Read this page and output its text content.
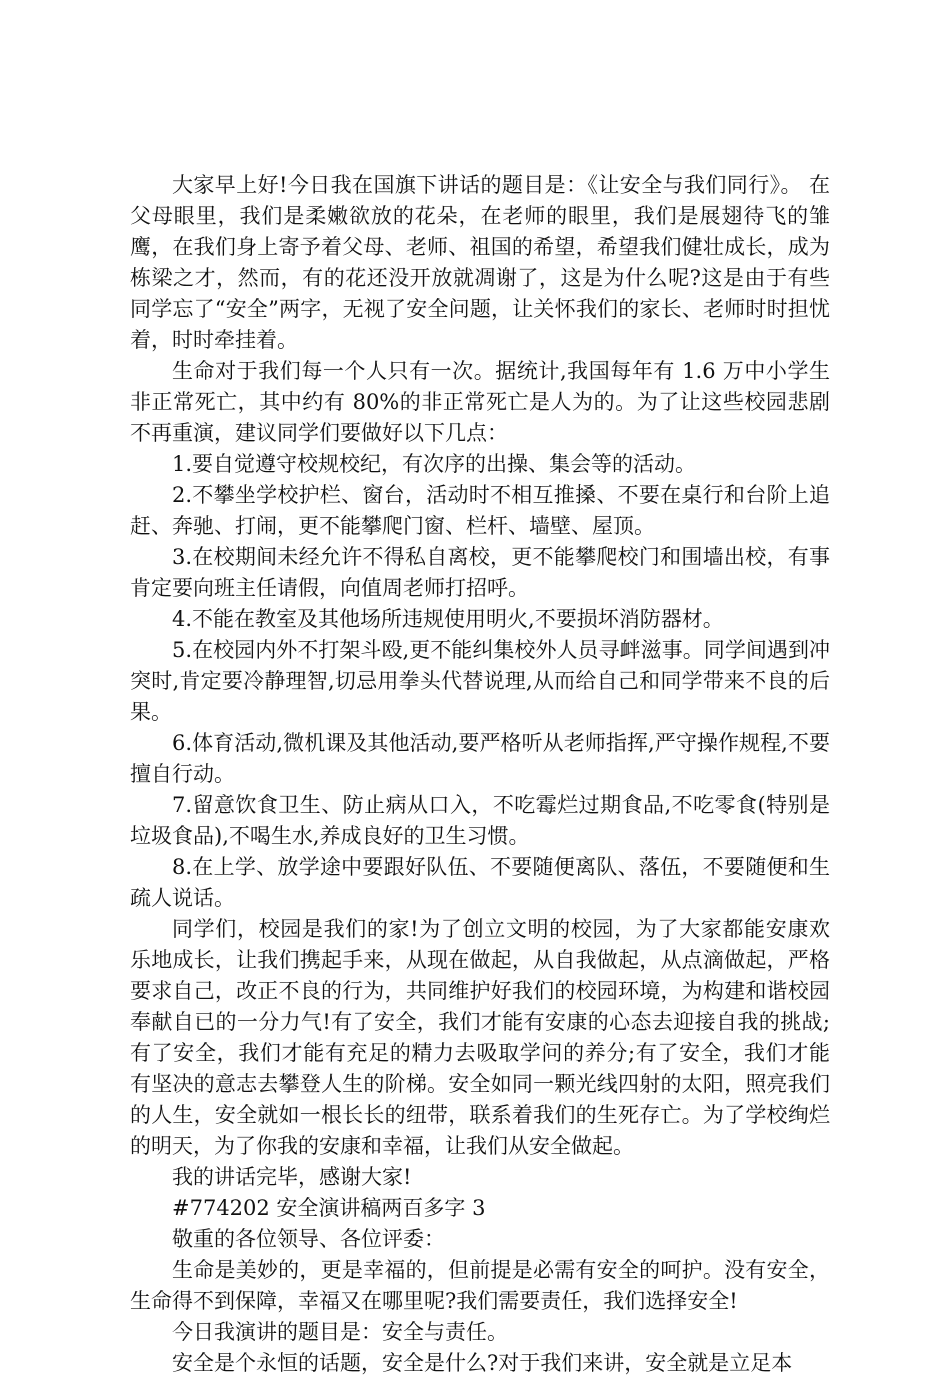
大家早上好!今日我在国旗下讲话的题目是：《让安全与我们同行》。 在父母眼里，我们是柔嫩欲放的花朵，在老师的眼里，我们是展翅待飞的雏鹰，在我们身上寄予着父母、老师、祖国的希望，希望我们健壮成长，成为栋梁之才，然而，有的花还没开放就凋谢了，这是为什么呢?这是由于有些同学忘了“安全”两字，无视了安全问题，让关怀我们的家长、老师时时担忧着，时时牵挂着。

生命对于我们每一个人只有一次。据统计,我国每年有 1.6 万中小学生非正常死亡，其中约有 80%的非正常死亡是人为的。为了让这些校园悲剧不再重演，建议同学们要做好以下几点：

1.要自觉遵守校规校纪，有次序的出操、集会等的活动。

2.不攀坐学校护栏、窗台，活动时不相互推搡、不要在桌行和台阶上追赶、奔驰、打闹，更不能攀爬门窗、栏杆、墙壁、屋顶。

3.在校期间未经允许不得私自离校，更不能攀爬校门和围墙出校，有事肯定要向班主任请假，向值周老师打招呼。

4.不能在教室及其他场所违规使用明火,不要损坏消防器材。

5.在校园内外不打架斗殴,更不能纠集校外人员寻衅滋事。同学间遇到冲突时,肯定要冷静理智,切忌用拳头代替说理,从而给自己和同学带来不良的后果。

6.体育活动,微机课及其他活动,要严格听从老师指挥,严守操作规程,不要擅自行动。

7.留意饮食卫生、防止病从口入，不吃霉烂过期食品,不吃零食(特别是垃圾食品),不喝生水,养成良好的卫生习惯。

8.在上学、放学途中要跟好队伍、不要随便离队、落伍，不要随便和生疏人说话。

同学们，校园是我们的家!为了创立文明的校园，为了大家都能安康欢乐地成长，让我们携起手来，从现在做起，从自我做起，从点滴做起，严格要求自己，改正不良的行为，共同维护好我们的校园环境，为构建和谐校园奉献自已的一分力气!有了安全，我们才能有安康的心态去迎接自我的挑战;有了安全，我们才能有充足的精力去吸取学问的养分;有了安全，我们才能有坚决的意志去攀登人生的阶梯。安全如同一颗光线四射的太阳，照亮我们的人生，安全就如一根长长的纽带，联系着我们的生死存亡。为了学校绚烂的明天，为了你我的安康和幸福，让我们从安全做起。

我的讲话完毕，感谢大家!

#774202 安全演讲稿两百多字 3

敬重的各位领导、各位评委：

生命是美妙的，更是幸福的，但前提是必需有安全的呵护。没有安全，生命得不到保障，幸福又在哪里呢?我们需要责任，我们选择安全!

今日我演讲的题目是：安全与责任。

安全是个永恒的话题，安全是什么?对于我们来讲，安全就是立足本
